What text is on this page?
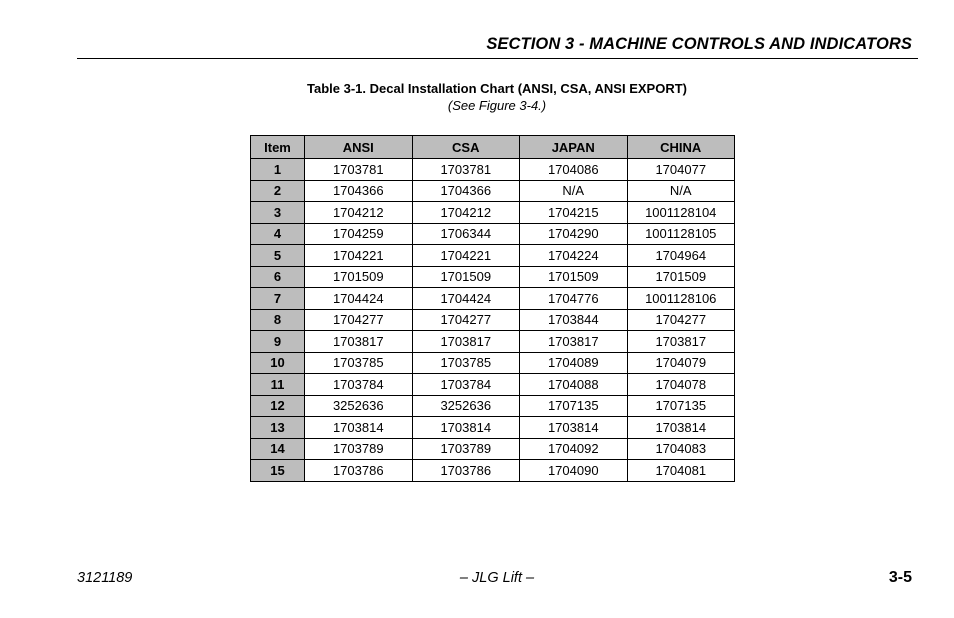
SECTION 3 - MACHINE CONTROLS AND INDICATORS
Table 3-1. Decal Installation Chart (ANSI, CSA, ANSI EXPORT)
(See Figure 3-4.)
Item	ANSI	CSA	JAPAN	CHINA
1	1703781	1703781	1704086	1704077
2	1704366	1704366	N/A	N/A
3	1704212	1704212	1704215	1001128104
4	1704259	1706344	1704290	1001128105
5	1704221	1704221	1704224	1704964
6	1701509	1701509	1701509	1701509
7	1704424	1704424	1704776	1001128106
8	1704277	1704277	1703844	1704277
9	1703817	1703817	1703817	1703817
10	1703785	1703785	1704089	1704079
11	1703784	1703784	1704088	1704078
12	3252636	3252636	1707135	1707135
13	1703814	1703814	1703814	1703814
14	1703789	1703789	1704092	1704083
15	1703786	1703786	1704090	1704081
3121189	– JLG Lift –	3-5
